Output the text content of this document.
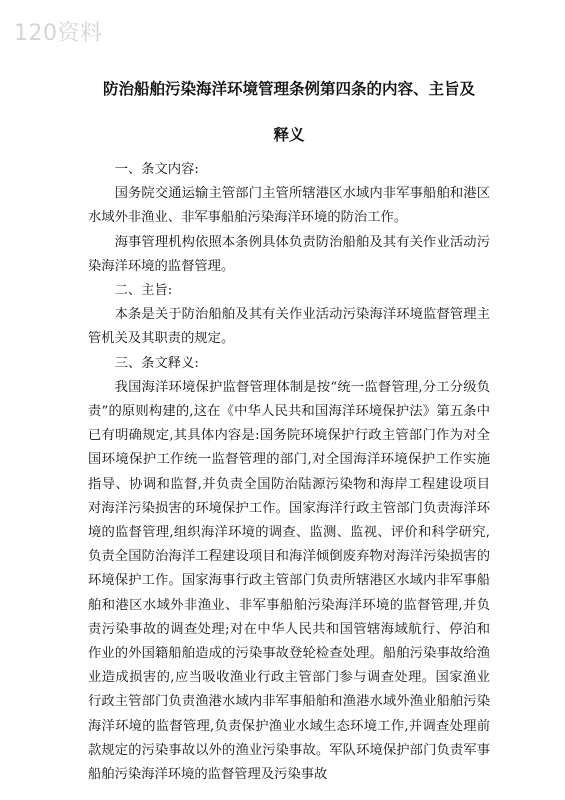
120资料

防治船舶污染海洋环境管理条例第四条的内容、主旨及

释义

一、条文内容:

国务院交通运输主管部门主管所辖港区水域内非军事船舶和港区水域外非渔业、非军事船舶污染海洋环境的防治工作。

海事管理机构依照本条例具体负责防治船舶及其有关作业活动污染海洋环境的监督管理。

二、主旨:

本条是关于防治船舶及其有关作业活动污染海洋环境监督管理主管机关及其职责的规定。

三、条文释义:

我国海洋环境保护监督管理体制是按“统一监督管理,分工分级负责”的原则构建的,这在《中华人民共和国海洋环境保护法》第五条中已有明确规定,其具体内容是:国务院环境保护行政主管部门作为对全国环境保护工作统一监督管理的部门,对全国海洋环境保护工作实施指导、协调和监督,并负责全国防治陆源污染物和海岸工程建设项目对海洋污染损害的环境保护工作。国家海洋行政主管部门负责海洋环境的监督管理,组织海洋环境的调查、监测、监视、评价和科学研究,负责全国防治海洋工程建设项目和海洋倾倒废弃物对海洋污染损害的环境保护工作。国家海事行政主管部门负责所辖港区水域内非军事船舶和港区水域外非渔业、非军事船舶污染海洋环境的监督管理,并负责污染事故的调查处理;对在中华人民共和国管辖海域航行、停泊和作业的外国籍船舶造成的污染事故登轮检查处理。船舶污染事故给渔业造成损害的,应当吸收渔业行政主管部门参与调查处理。国家渔业行政主管部门负责渔港水域内非军事船舶和渔港水域外渔业船舶污染海洋环境的监督管理,负责保护渔业水域生态环境工作,并调查处理前款规定的污染事故以外的渔业污染事故。军队环境保护部门负责军事船舶污染海洋环境的监督管理及污染事故
